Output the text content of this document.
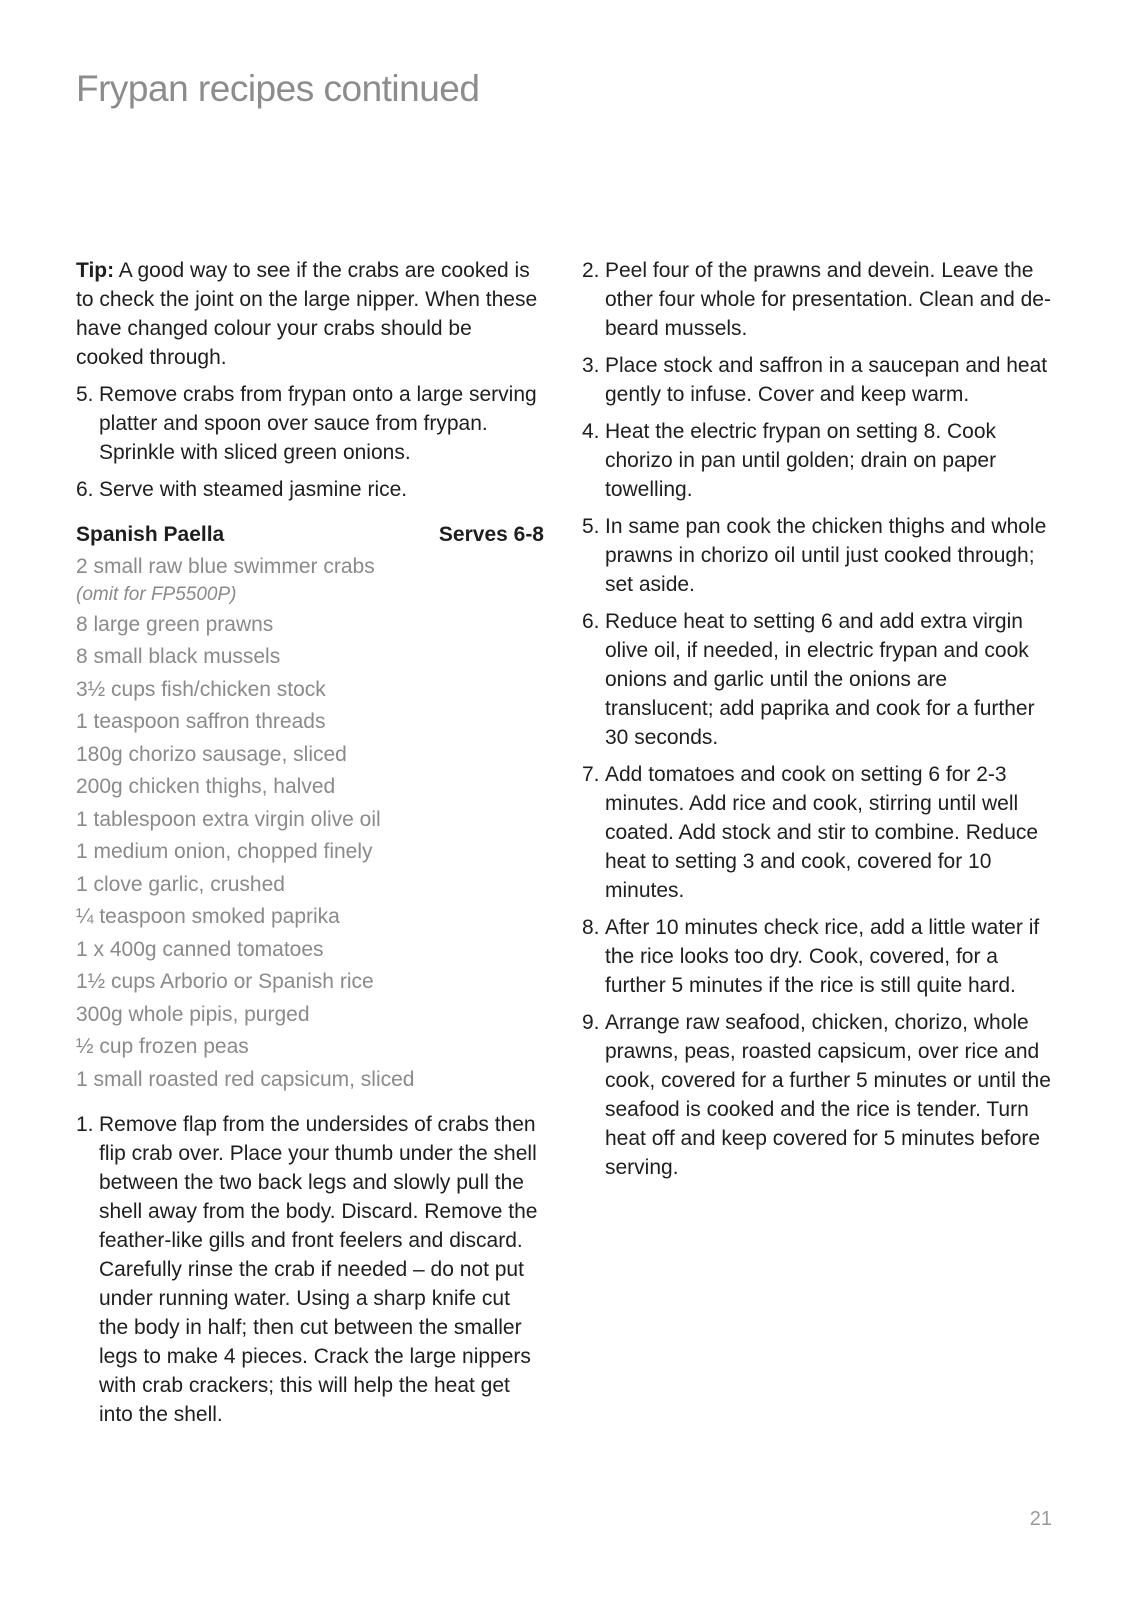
Frypan recipes continued

Tip: A good way to see if the crabs are cooked is to check the joint on the large nipper. When these have changed colour your crabs should be cooked through.

5. Remove crabs from frypan onto a large serving platter and spoon over sauce from frypan. Sprinkle with sliced green onions.
6. Serve with steamed jasmine rice.
Spanish Paella	Serves 6-8
2 small raw blue swimmer crabs
(omit for FP5500P)
8 large green prawns
8 small black mussels
3½ cups fish/chicken stock
1 teaspoon saffron threads
180g chorizo sausage, sliced
200g chicken thighs, halved
1 tablespoon extra virgin olive oil
1 medium onion, chopped finely
1 clove garlic, crushed
¼ teaspoon smoked paprika
1 x 400g canned tomatoes
1½ cups Arborio or Spanish rice
300g whole pipis, purged
½ cup frozen peas
1 small roasted red capsicum, sliced
1. Remove flap from the undersides of crabs then flip crab over. Place your thumb under the shell between the two back legs and slowly pull the shell away from the body. Discard. Remove the feather-like gills and front feelers and discard. Carefully rinse the crab if needed – do not put under running water. Using a sharp knife cut the body in half; then cut between the smaller legs to make 4 pieces. Crack the large nippers with crab crackers; this will help the heat get into the shell.
2. Peel four of the prawns and devein. Leave the other four whole for presentation. Clean and de-beard mussels.
3. Place stock and saffron in a saucepan and heat gently to infuse. Cover and keep warm.
4. Heat the electric frypan on setting 8. Cook chorizo in pan until golden; drain on paper towelling.
5. In same pan cook the chicken thighs and whole prawns in chorizo oil until just cooked through; set aside.
6. Reduce heat to setting 6 and add extra virgin olive oil, if needed, in electric frypan and cook onions and garlic until the onions are translucent; add paprika and cook for a further 30 seconds.
7. Add tomatoes and cook on setting 6 for 2-3 minutes. Add rice and cook, stirring until well coated. Add stock and stir to combine. Reduce heat to setting 3 and cook, covered for 10 minutes.
8. After 10 minutes check rice, add a little water if the rice looks too dry. Cook, covered, for a further 5 minutes if the rice is still quite hard.
9. Arrange raw seafood, chicken, chorizo, whole prawns, peas, roasted capsicum, over rice and cook, covered for a further 5 minutes or until the seafood is cooked and the rice is tender. Turn heat off and keep covered for 5 minutes before serving.
21
